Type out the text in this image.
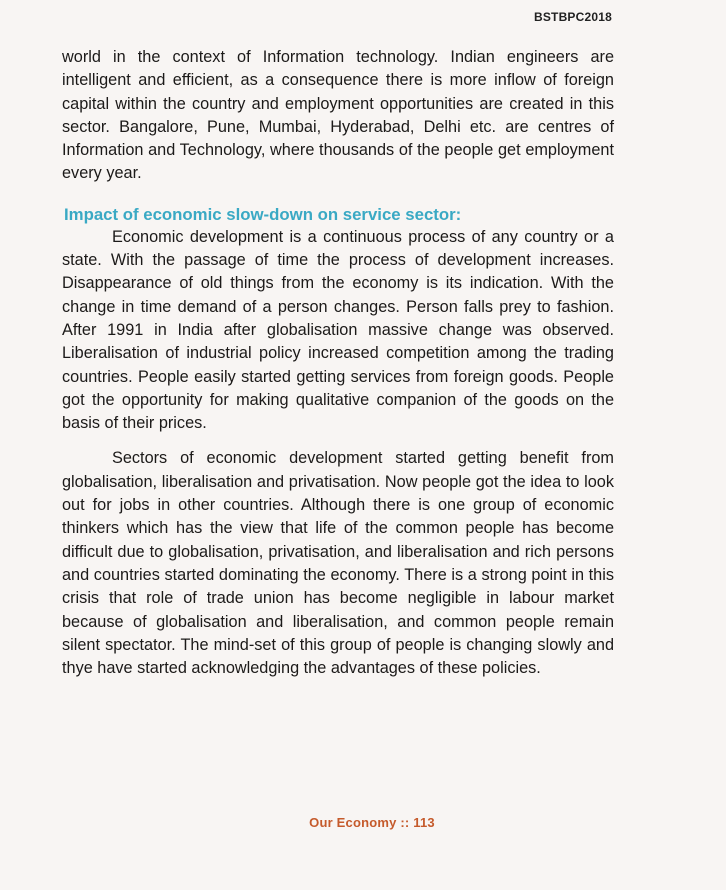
BSTBPC2018

world in the context of Information technology. Indian engineers are intelligent and efficient, as a consequence there is more inflow of foreign capital within the country and employment opportunities are created in this sector. Bangalore, Pune, Mumbai, Hyderabad, Delhi etc. are centres of Information and Technology, where thousands of the people get employment every year.

Impact of economic slow-down on service sector:

Economic development is a continuous process of any country or a state. With the passage of time the process of development increases. Disappearance of old things from the economy is its indication. With the change in time demand of a person changes. Person falls prey to fashion. After 1991 in India after globalisation massive change was observed. Liberalisation of industrial policy increased competition among the trading countries. People easily started getting services from foreign goods. People got the opportunity for making qualitative companion of the goods on the basis of their prices.

Sectors of economic development started getting benefit from globalisation, liberalisation and privatisation. Now people got the idea to look out for jobs in other countries. Although there is one group of economic thinkers which has the view that life of the common people has become difficult due to globalisation, privatisation, and liberalisation and rich persons and countries started dominating the economy. There is a strong point in this crisis that role of trade union has become negligible in labour market because of globalisation and liberalisation, and common people remain silent spectator. The mind-set of this group of people is changing slowly and thye have started acknowledging the advantages of these policies.

Our Economy :: 113
